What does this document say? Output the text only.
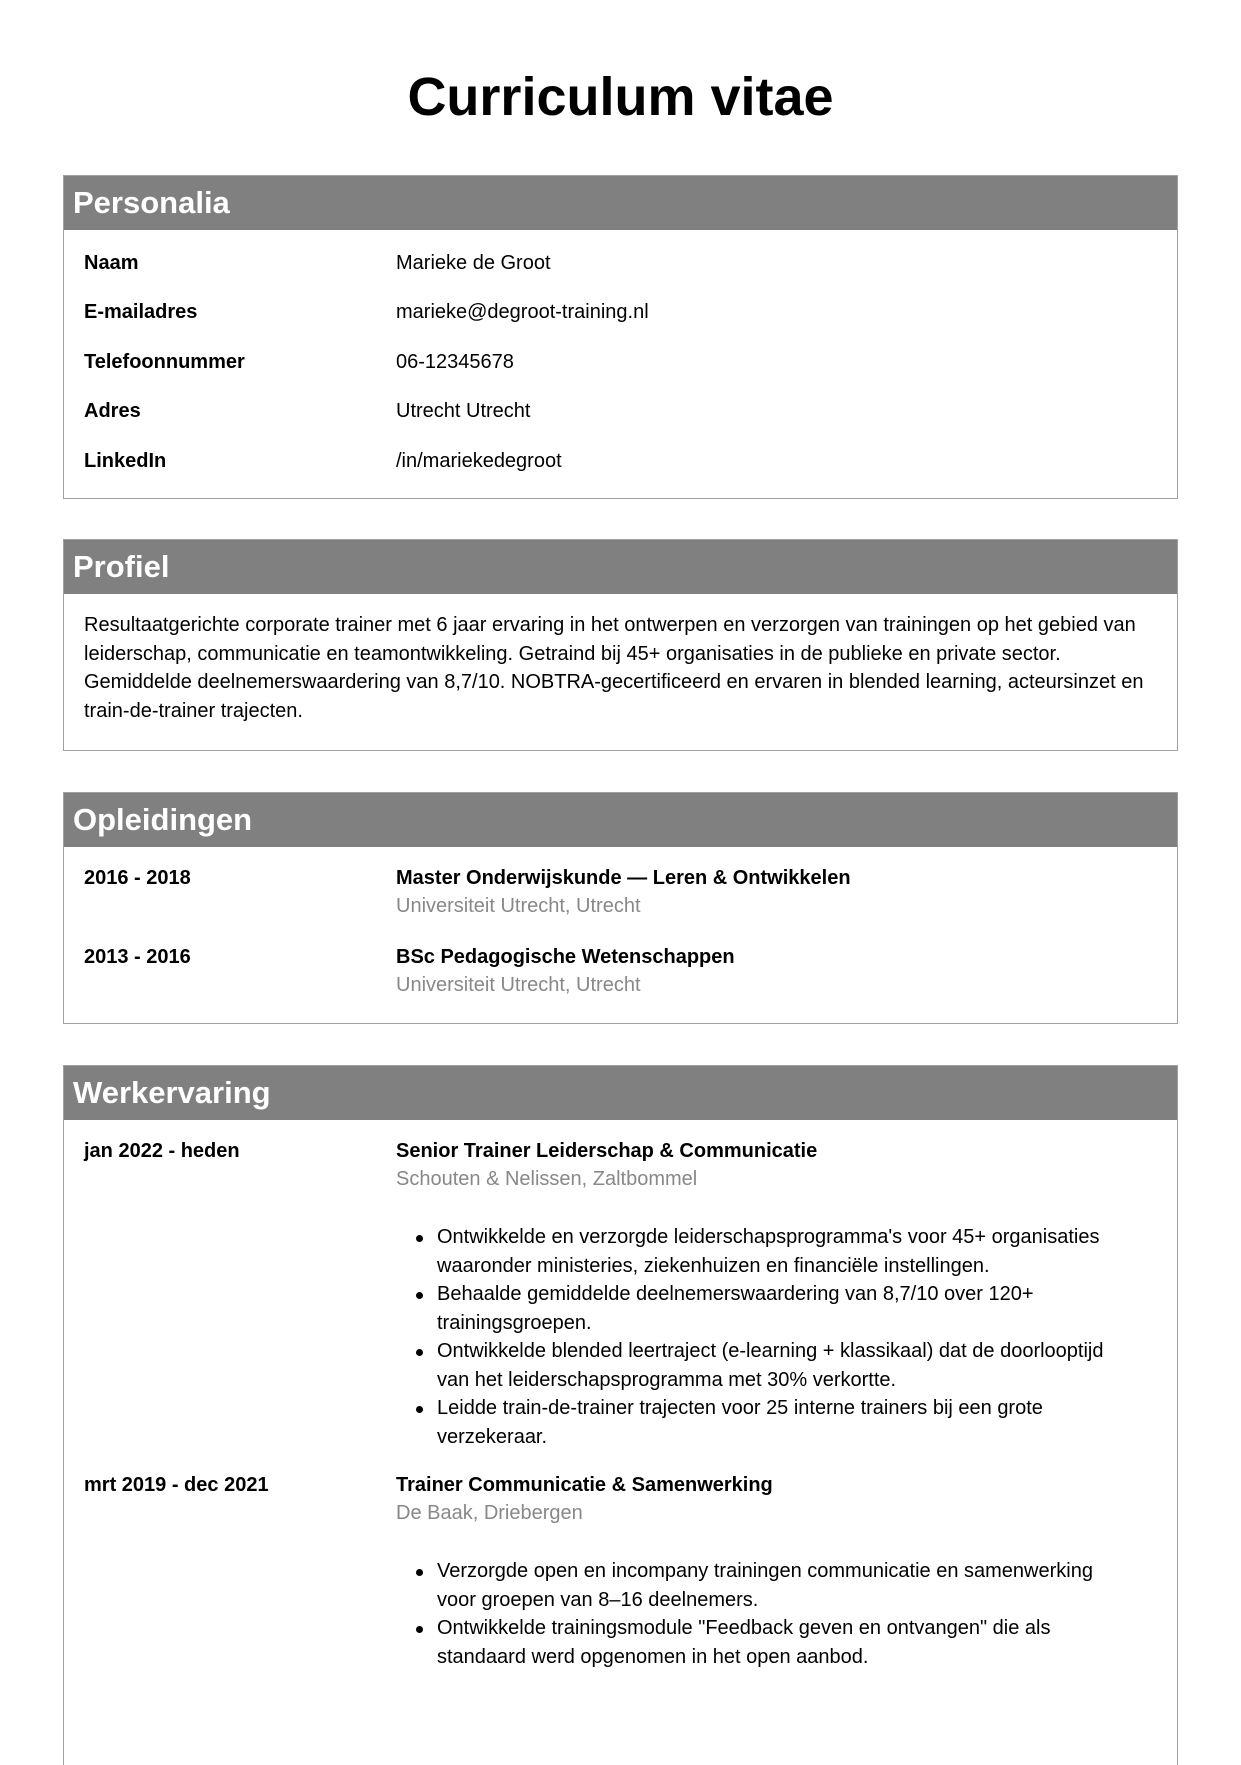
Curriculum vitae
Personalia
Naam	Marieke de Groot
E-mailadres	marieke@degroot-training.nl
Telefoonnummer	06-12345678
Adres	Utrecht Utrecht
LinkedIn	/in/mariekedegroot
Profiel
Resultaatgerichte corporate trainer met 6 jaar ervaring in het ontwerpen en verzorgen van trainingen op het gebied van leiderschap, communicatie en teamontwikkeling. Getraind bij 45+ organisaties in de publieke en private sector. Gemiddelde deelnemerswaardering van 8,7/10. NOBTRA-gecertificeerd en ervaren in blended learning, acteursinzet en train-de-trainer trajecten.
Opleidingen
2016 - 2018	Master Onderwijskunde — Leren & Ontwikkelen
Universiteit Utrecht, Utrecht
2013 - 2016	BSc Pedagogische Wetenschappen
Universiteit Utrecht, Utrecht
Werkervaring
jan 2022 - heden	Senior Trainer Leiderschap & Communicatie
Schouten & Nelissen, Zaltbommel
Ontwikkelde en verzorgde leiderschapsprogramma's voor 45+ organisaties waaronder ministeries, ziekenhuizen en financiële instellingen.
Behaalde gemiddelde deelnemerswaardering van 8,7/10 over 120+ trainingsgroepen.
Ontwikkelde blended leertraject (e-learning + klassikaal) dat de doorlooptijd van het leiderschapsprogramma met 30% verkortte.
Leidde train-de-trainer trajecten voor 25 interne trainers bij een grote verzekeraar.
mrt 2019 - dec 2021	Trainer Communicatie & Samenwerking
De Baak, Driebergen
Verzorgde open en incompany trainingen communicatie en samenwerking voor groepen van 8–16 deelnemers.
Ontwikkelde trainingsmodule "Feedback geven en ontvangen" die als standaard werd opgenomen in het open aanbod.
